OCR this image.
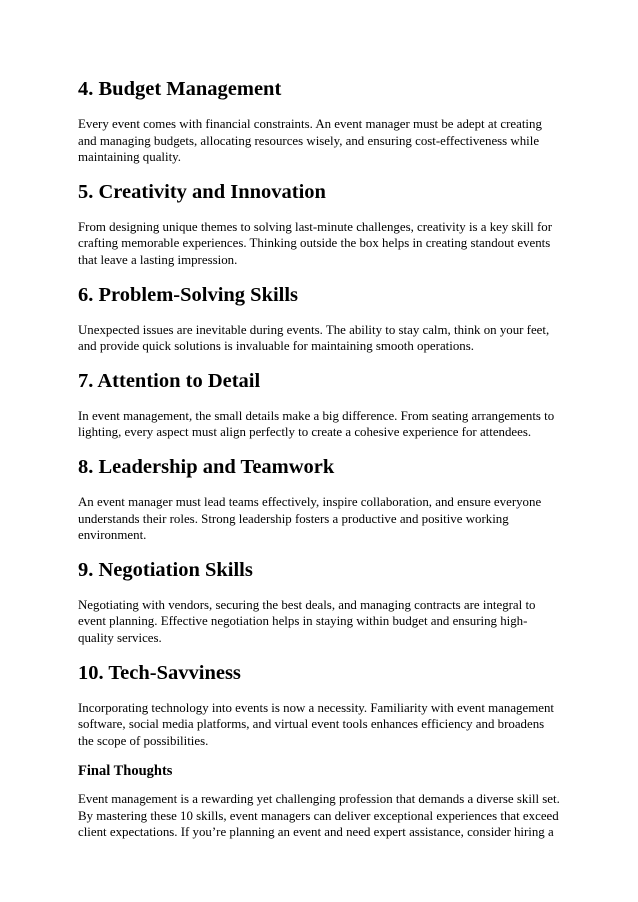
4. Budget Management

Every event comes with financial constraints. An event manager must be adept at creating
and managing budgets, allocating resources wisely, and ensuring cost-effectiveness while
maintaining quality.

5. Creativity and Innovation

From designing unique themes to solving last-minute challenges, creativity is a key skill for
crafting memorable experiences. Thinking outside the box helps in creating standout events
that leave a lasting impression.

6. Problem-Solving Skills

Unexpected issues are inevitable during events. The ability to stay calm, think on your feet,
and provide quick solutions is invaluable for maintaining smooth operations.

7. Attention to Detail

In event management, the small details make a big difference. From seating arrangements to
lighting, every aspect must align perfectly to create a cohesive experience for attendees.

8. Leadership and Teamwork

An event manager must lead teams effectively, inspire collaboration, and ensure everyone
understands their roles. Strong leadership fosters a productive and positive working
environment.

9. Negotiation Skills

Negotiating with vendors, securing the best deals, and managing contracts are integral to
event planning. Effective negotiation helps in staying within budget and ensuring high-
quality services.

10. Tech-Savviness

Incorporating technology into events is now a necessity. Familiarity with event management
software, social media platforms, and virtual event tools enhances efficiency and broadens
the scope of possibilities.

Final Thoughts

Event management is a rewarding yet challenging profession that demands a diverse skill set.
By mastering these 10 skills, event managers can deliver exceptional experiences that exceed
client expectations. If you’re planning an event and need expert assistance, consider hiring a
